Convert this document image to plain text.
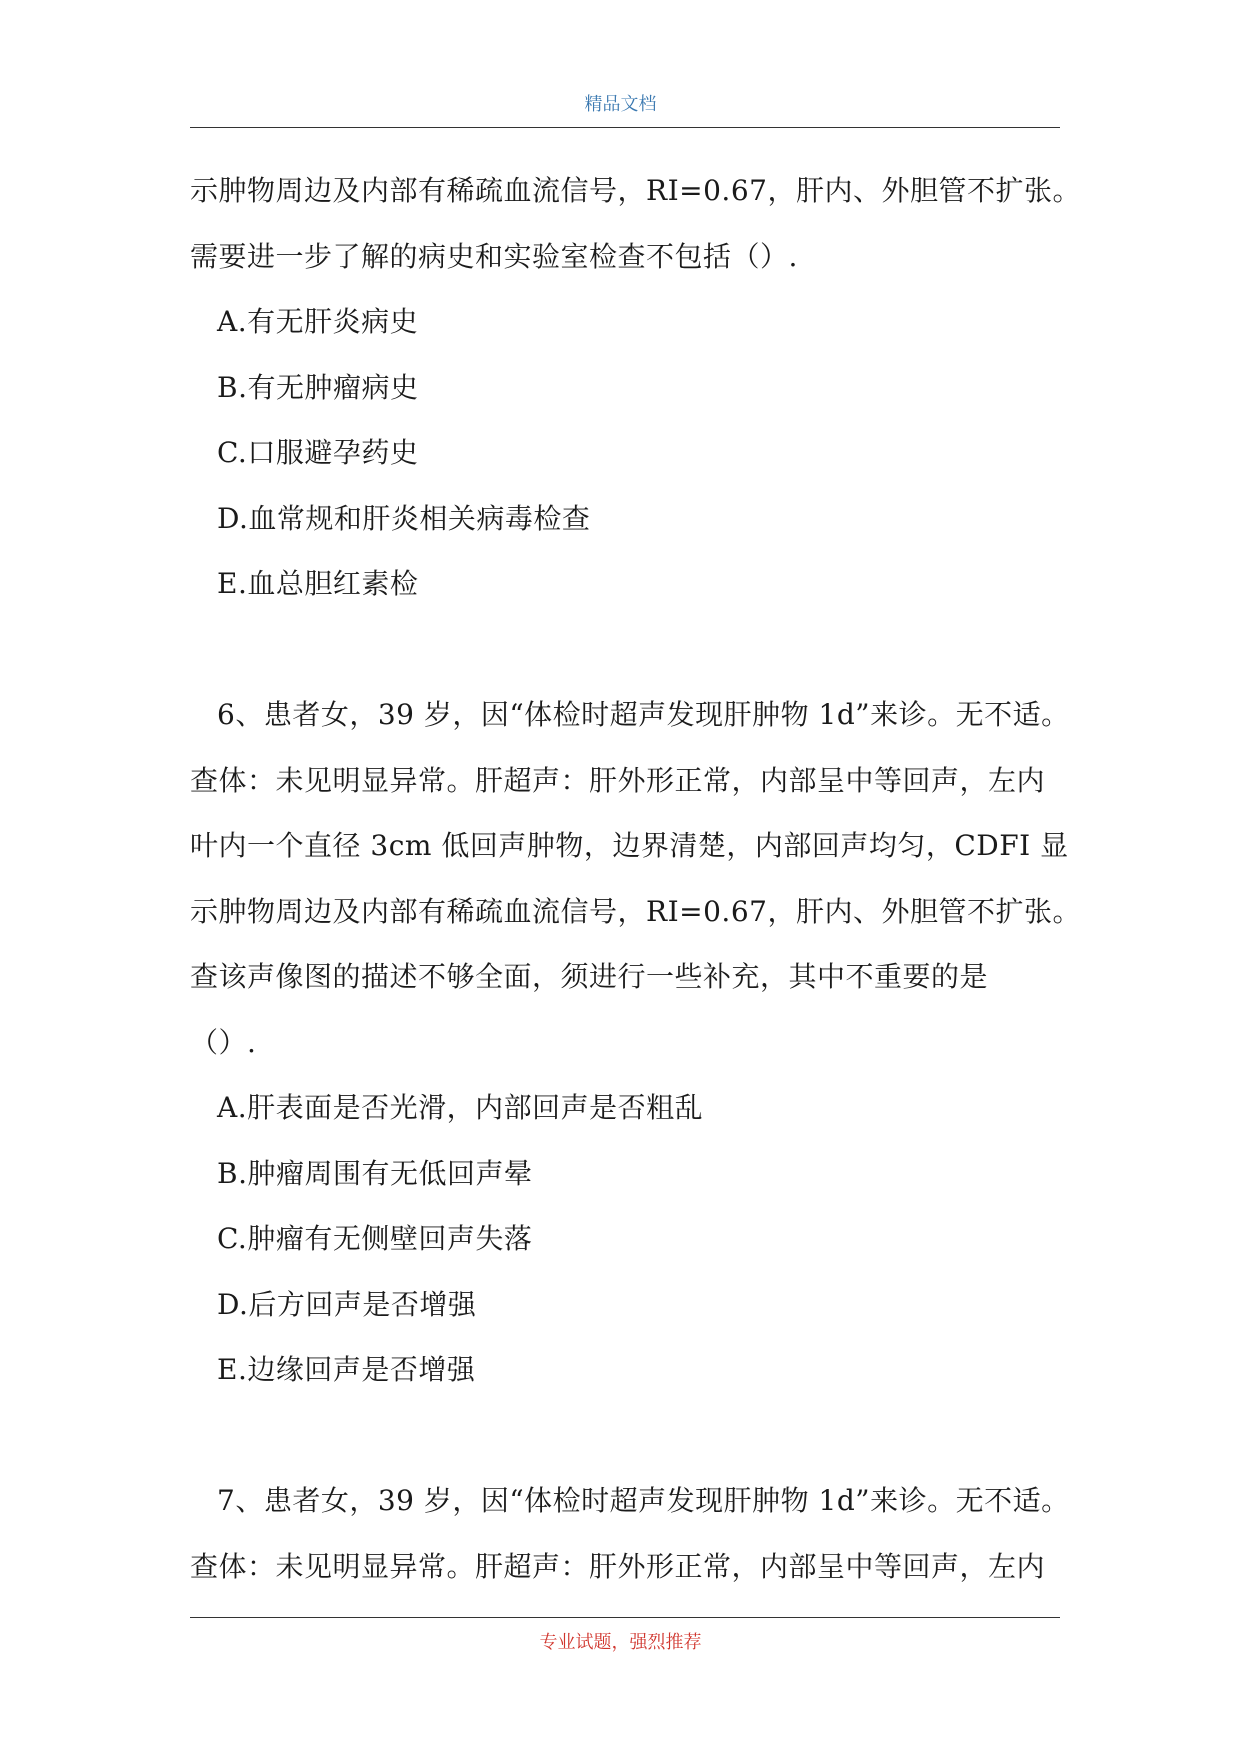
精品文档
示肿物周边及内部有稀疏血流信号，RI=0.67，肝内、外胆管不扩张。
需要进一步了解的病史和实验室检查不包括（）.
A.有无肝炎病史
B.有无肿瘤病史
C.口服避孕药史
D.血常规和肝炎相关病毒检查
E.血总胆红素检
6、患者女，39 岁，因“体检时超声发现肝肿物 1d”来诊。无不适。
查体：未见明显异常。肝超声：肝外形正常，内部呈中等回声，左内
叶内一个直径 3cm 低回声肿物，边界清楚，内部回声均匀，CDFI 显
示肿物周边及内部有稀疏血流信号，RI=0.67，肝内、外胆管不扩张。
查该声像图的描述不够全面，须进行一些补充，其中不重要的是
（）.
A.肝表面是否光滑，内部回声是否粗乱
B.肿瘤周围有无低回声晕
C.肿瘤有无侧壁回声失落
D.后方回声是否增强
E.边缘回声是否增强
7、患者女，39 岁，因“体检时超声发现肝肿物 1d”来诊。无不适。
查体：未见明显异常。肝超声：肝外形正常，内部呈中等回声，左内
专业试题，强烈推荐
